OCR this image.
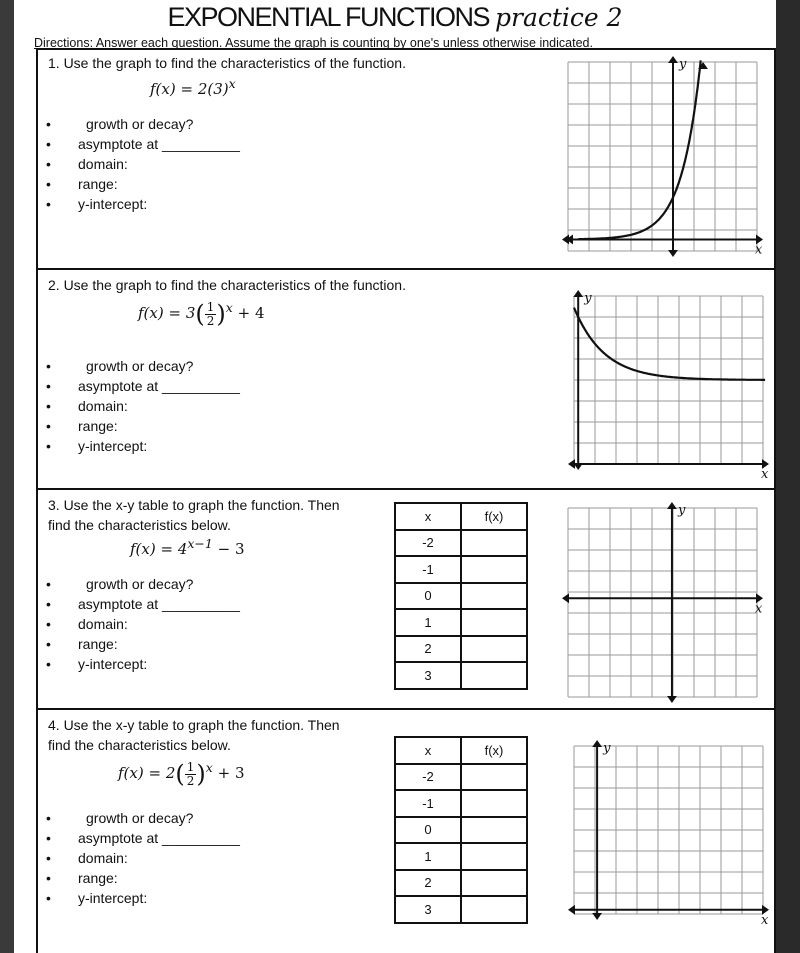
EXPONENTIAL FUNCTIONS practice 2
Directions: Answer each question. Assume the graph is counting by one's unless otherwise indicated.
1. Use the graph to find the characteristics of the function.
$f(x) = 2(3)^x$
•	growth or decay?
• asymptote at __________
• domain:
• range:
• y-intercept:
x
y
2. Use the graph to find the characteristics of the function.
$f(x) = 3( \frac{1}{2} )^x + 4$
•	growth or decay?
• asymptote at __________
• domain:
• range:
• y-intercept:
x
y
3. Use the x-y table to graph the function. Then
find the characteristics below.
$f(x) = 4^{x-1} - 3$
•	growth or decay?
• asymptote at __________
• domain:
• range:
• y-intercept:
x	f(x)
-2	
-1	
0	
1	
2	
3	
x
y
4. Use the x-y table to graph the function. Then
find the characteristics below.
$f(x) = 2( \frac{1}{2} )^x + 3$
•	growth or decay?
• asymptote at __________
• domain:
• range:
• y-intercept:
x	f(x)
-2	
-1	
0	
1	
2	
3	
x
y
